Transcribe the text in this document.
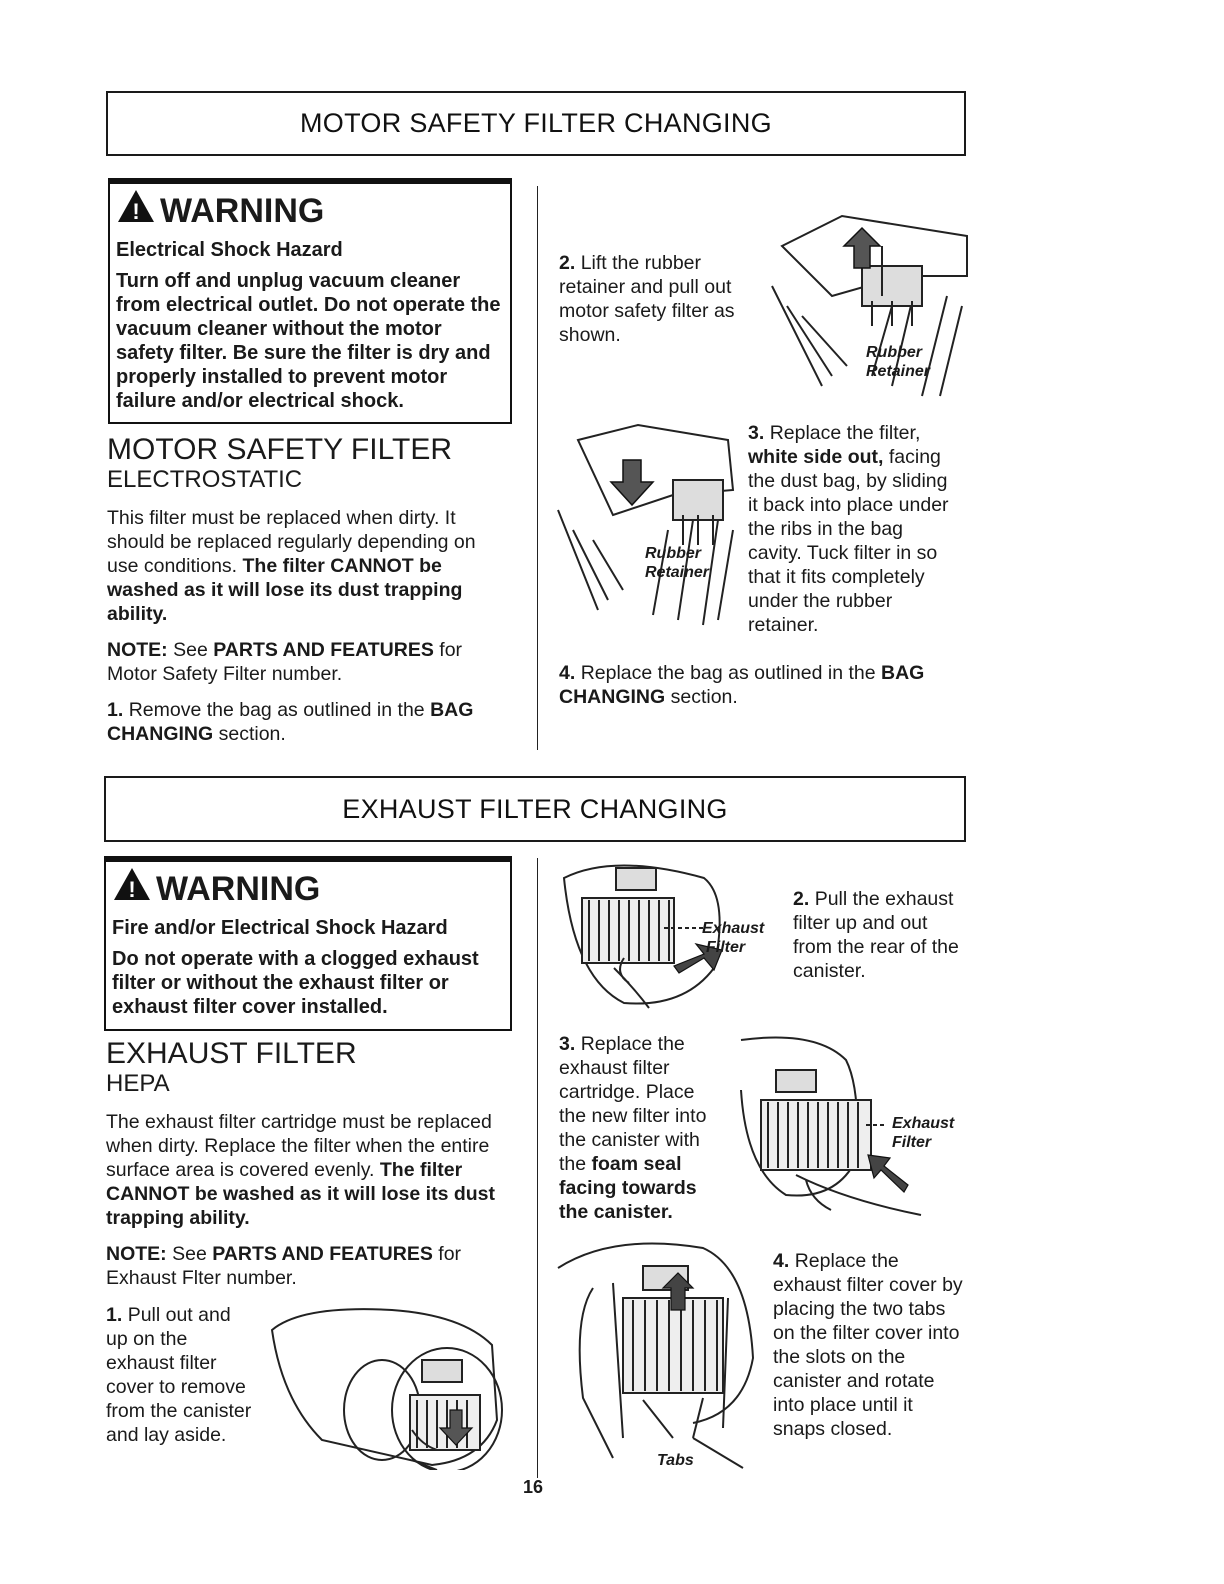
MOTOR SAFETY FILTER CHANGING
! WARNING
Electrical Shock Hazard
Turn off and unplug vacuum cleaner from electrical outlet. Do not operate the vacuum cleaner without the motor safety filter. Be sure the filter is dry and properly installed to prevent motor failure and/or electrical shock.
MOTOR SAFETY FILTER
ELECTROSTATIC
This filter must be replaced when dirty. It should be replaced regularly depending on use conditions. The filter CANNOT be washed as it will lose its dust trapping ability.
NOTE: See PARTS AND FEATURES for Motor Safety Filter number.
1. Remove the bag as outlined in the BAG CHANGING section.
2. Lift the rubber retainer and pull out motor safety filter as shown.
Rubber
Retainer
Rubber
Retainer
3. Replace the filter, white side out, facing the dust bag, by sliding it back into place under the ribs in the bag cavity. Tuck filter in so that it fits completely under the rubber retainer.
4. Replace the bag as outlined in the BAG CHANGING section.
EXHAUST FILTER CHANGING
! WARNING
Fire and/or Electrical Shock Hazard
Do not operate with a clogged exhaust filter or without the exhaust filter or exhaust filter cover installed.
EXHAUST FILTER
HEPA
The exhaust filter cartridge must be replaced when dirty. Replace the filter when the entire surface area is covered evenly. The filter CANNOT be washed as it will lose its dust trapping ability.
NOTE: See PARTS AND FEATURES for Exhaust Flter number.
1. Pull out and up on the exhaust filter cover to remove from the canister and lay aside.
Exhaust
Filter
2. Pull the exhaust filter up and out from the rear of the canister.
3. Replace the exhaust filter cartridge. Place the new filter into the canister with the foam seal facing towards the canister.
Exhaust
Filter
Tabs
4. Replace the exhaust filter cover by placing the two tabs on the filter cover into the slots on the canister and rotate into place until it snaps closed.
16
